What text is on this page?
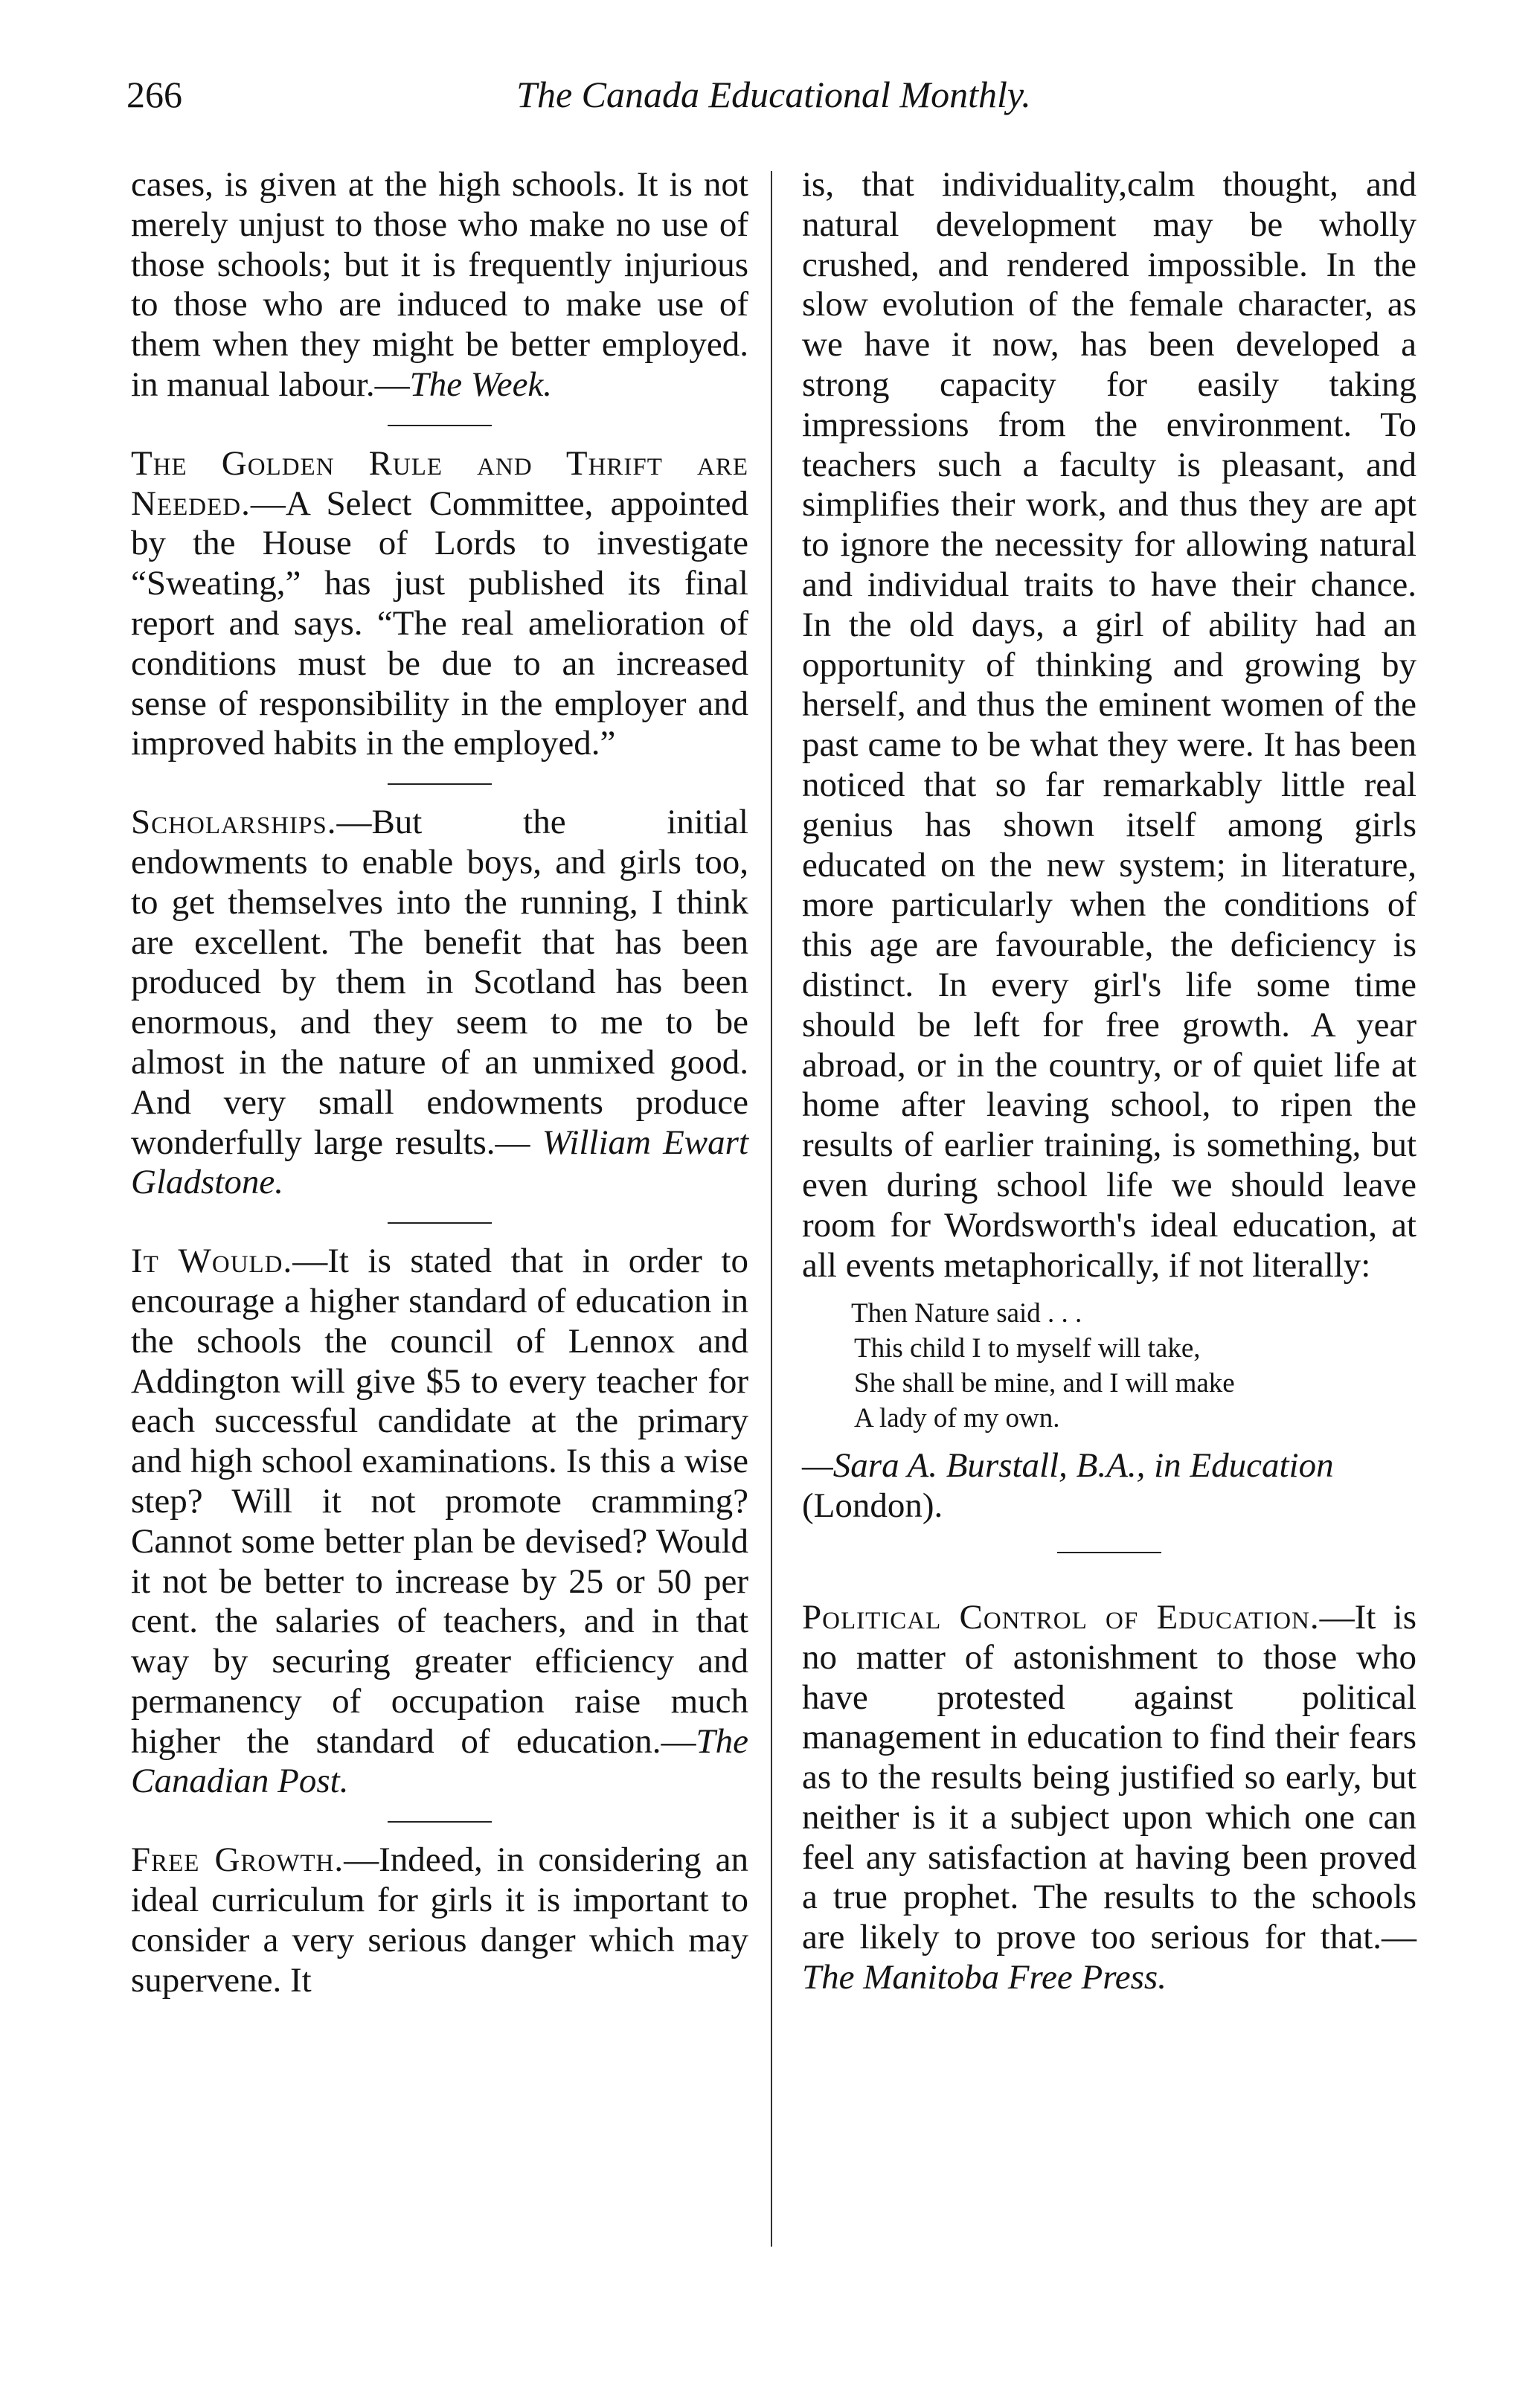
266	The Canada Educational Monthly.

cases, is given at the high schools. It is not merely unjust to those who make no use of those schools; but it is frequently injurious to those who are induced to make use of them when they might be better employed. in manual labour.—The Week.

The Golden Rule and Thrift are Needed.—A Select Committee, appointed by the House of Lords to investigate “Sweating,” has just published its final report and says. “The real amelioration of conditions must be due to an increased sense of responsibility in the employer and improved habits in the employed.”

Scholarships.—But the initial endowments to enable boys, and girls too, to get themselves into the running, I think are excellent. The benefit that has been produced by them in Scotland has been enormous, and they seem to me to be almost in the nature of an unmixed good. And very small endowments produce wonderfully large results.— William Ewart Gladstone.

It Would.—It is stated that in order to encourage a higher standard of education in the schools the council of Lennox and Addington will give $5 to every teacher for each successful candidate at the primary and high school examinations. Is this a wise step? Will it not promote cramming? Cannot some better plan be devised? Would it not be better to increase by 25 or 50 per cent. the salaries of teachers, and in that way by securing greater efficiency and permanency of occupation raise much higher the standard of education.—The Canadian Post.

Free Growth.—Indeed, in considering an ideal curriculum for girls it is important to consider a very serious danger which may supervene. It

is, that individuality,calm thought, and natural development may be wholly crushed, and rendered impossible. In the slow evolution of the female character, as we have it now, has been developed a strong capacity for easily taking impressions from the environment. To teachers such a faculty is pleasant, and simplifies their work, and thus they are apt to ignore the necessity for allowing natural and individual traits to have their chance. In the old days, a girl of ability had an opportunity of thinking and growing by herself, and thus the eminent women of the past came to be what they were. It has been noticed that so far remarkably little real genius has shown itself among girls educated on the new system; in literature, more particularly when the conditions of this age are favourable, the deficiency is distinct. In every girl's life some time should be left for free growth. A year abroad, or in the country, or of quiet life at home after leaving school, to ripen the results of earlier training, is something, but even during school life we should leave room for Wordsworth's ideal education, at all events metaphorically, if not literally:

Then Nature said . . .
This child I to myself will take,
She shall be mine, and I will make
A lady of my own.

—Sara A. Burstall, B.A., in Education (London).

Political Control of Education.—It is no matter of astonishment to those who have protested against political management in education to find their fears as to the results being justified so early, but neither is it a subject upon which one can feel any satisfaction at having been proved a true prophet. The results to the schools are likely to prove too serious for that.—The Manitoba Free Press.
